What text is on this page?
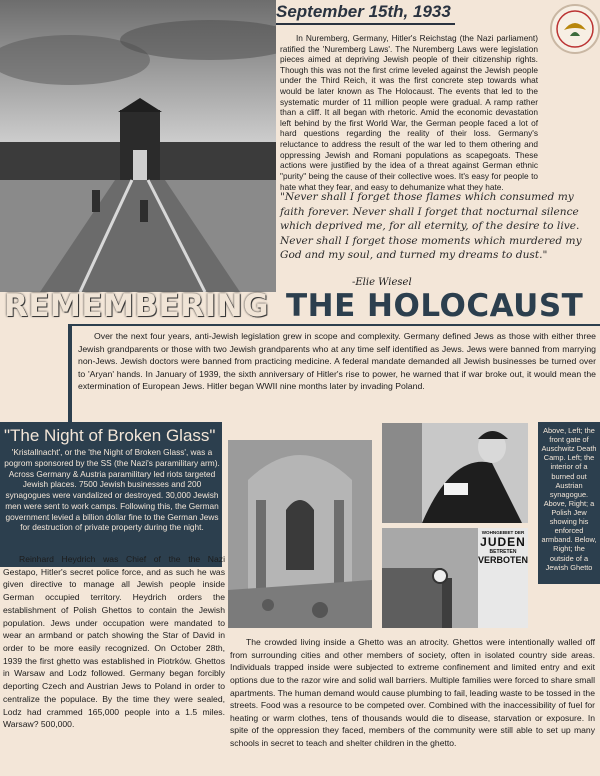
September 15th, 1933
In Nuremberg, Germany, Hitler's Reichstag (the Nazi parliament) ratified the 'Nuremberg Laws'. The Nuremberg Laws were legislation pieces aimed at depriving Jewish people of their citizenship rights. Though this was not the first crime leveled against the Jewish people under the Third Reich, it was the first concrete step towards what would be later known as The Holocaust. The events that led to the systematic murder of 11 million people were gradual. A ramp rather than a cliff. It all began with rhetoric. Amid the economic devastation left behind by the first World War, the German people faced a lot of hard questions regarding the reality of their loss. Germany's reluctance to address the result of the war led to them othering and oppressing Jewish and Romani populations as scapegoats. These actions were justified by the idea of a threat against German ethnic "purity" being the cause of their collective woes. It's easy for people to hate what they fear, and easy to dehumanize what they hate.
"Never shall I forget those flames which consumed my faith forever. Never shall I forget that nocturnal silence which deprived me, for all eternity, of the desire to live. Never shall I forget those moments which murdered my God and my soul, and turned my dreams to dust."
-Elie Wiesel
REMEMBERING THE HOLOCAUST
Over the next four years, anti-Jewish legislation grew in scope and complexity. Germany defined Jews as those with either three Jewish grandparents or those with two Jewish grandparents who at any time self identified as Jews. Jews were banned from marrying non-Jews. Jewish doctors were banned from practicing medicine. A federal mandate demanded all Jewish businesses be turned over to 'Aryan' hands. In January of 1939, the sixth anniversary of Hitler's rise to power, he warned that if war broke out, it would mean the extermination of European Jews. Hitler began WWII nine months later by invading Poland.
"The Night of Broken Glass"
'Kristallnacht', or the 'the Night of Broken Glass', was a pogrom sponsored by the SS (the Nazi's paramilitary arm). Across Germany & Austria paramilitary led riots targeted Jewish places. 7500 Jewish businesses and 200 synagogues were vandalized or destroyed. 30,000 Jewish men were sent to work camps. Following this, the German government levied a billion dollar fine to the German Jews for destruction of private property during the night.
WOHNGEBIET DER
JUDEN
BETRETEN
VERBOTEN
Above, Left; the front gate of Auschwitz Death Camp. Left; the interior of a burned out Austrian synagogue. Above, Right; a Polish Jew showing his enforced armband. Below, Right; the outside of a Jewish Ghetto
Reinhard Heydrich was Chief of the the Nazi Gestapo, Hitler's secret police force, and as such he was given directive to manage all Jewish people inside German occupied territory. Heydrich orders the establishment of Polish Ghettos to contain the Jewish population. Jews under occupation were mandated to wear an armband or patch showing the Star of David in order to be more easily recognized. On October 28th, 1939 the first ghetto was established in Piotrków. Ghettos in Warsaw and Lodz followed. Germany began forcibly deporting Czech and Austrian Jews to Poland in order to centralize the populace. By the time they were sealed, Lodz had crammed 165,000 people into a 1.5 miles. Warsaw? 500,000.
The crowded living inside a Ghetto was an atrocity. Ghettos were intentionally walled off from surrounding cities and other members of society, often in isolated country side areas. Individuals trapped inside were subjected to extreme confinement and limited entry and exit options due to the razor wire and solid wall barriers. Multiple families were forced to share small apartments. The human demand would cause plumbing to fail, leading waste to be tossed in the streets. Food was a resource to be competed over. Combined with the inaccessibility of fuel for heating or warm clothes, tens of thousands would die to disease, starvation or exposure. In spite of the oppression they faced, members of the community were still able to set up many schools in secret to teach and shelter children in the ghetto.
